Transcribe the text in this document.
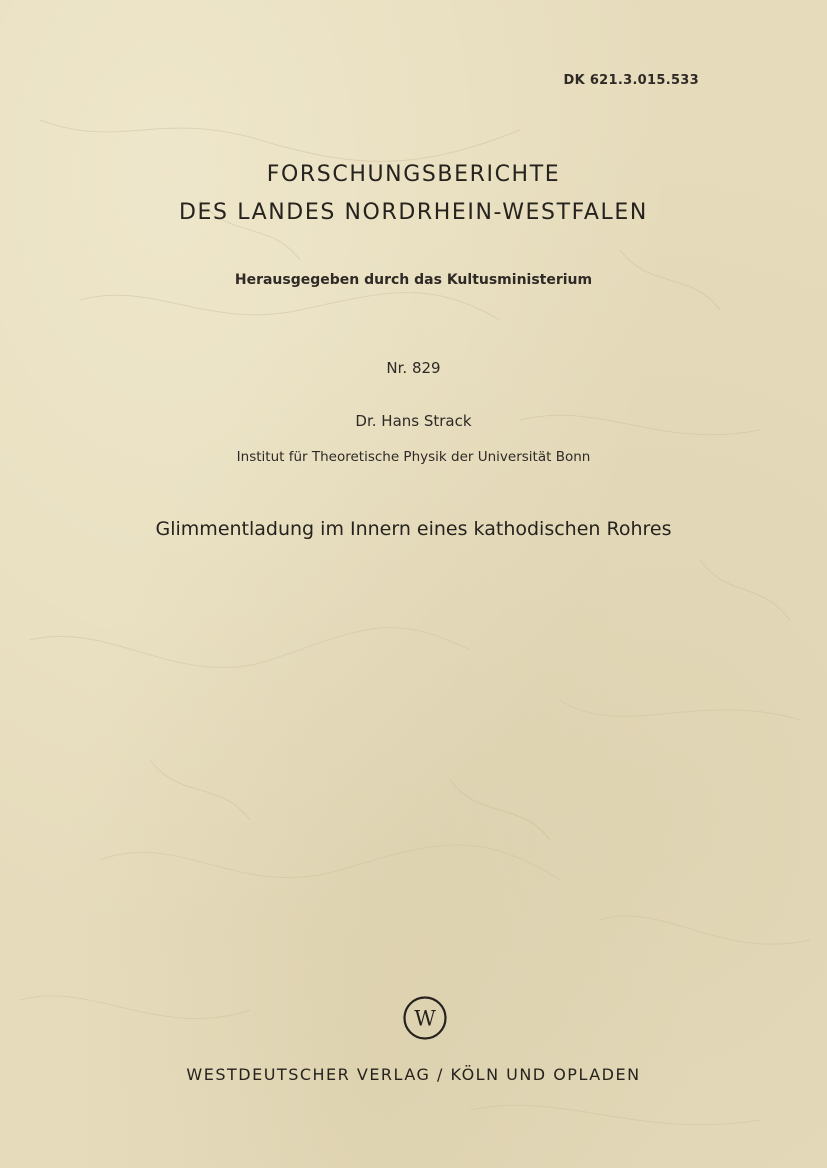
DK 621.3.015.533
FORSCHUNGSBERICHTE
DES LANDES NORDRHEIN-WESTFALEN
Herausgegeben durch das Kultusministerium
Nr. 829
Dr. Hans Strack
Institut für Theoretische Physik der Universität Bonn
Glimmentladung im Innern eines kathodischen Rohres
W
WESTDEUTSCHER VERLAG / KÖLN UND OPLADEN
